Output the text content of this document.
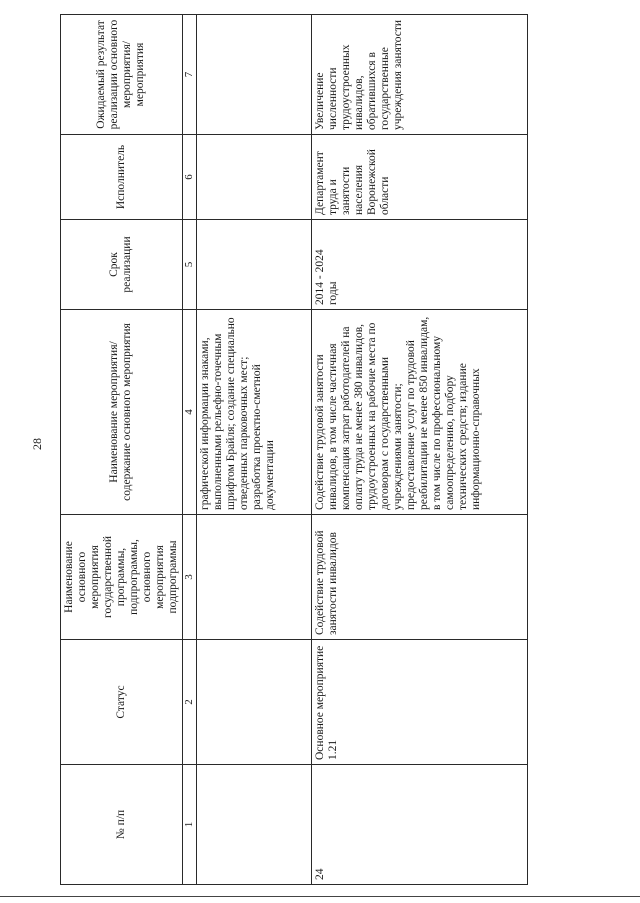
28
№ п/п	Статус	Наименование основного мероприятия государственной программы, подпрограммы, основного мероприятия подпрограммы	Наименование мероприятия/содержание основного мероприятия	Срок реализации	Исполнитель	Ожидаемый результат реализации основного мероприятия/мероприятия
1	2	3	4	5	6	7
			графической информации знаками, выполненными рельефно-точечным шрифтом Брайля; создание специально отведенных парковочных мест; разработка проектно-сметной документации			
24	Основное мероприятие 1.21	Содействие трудовой занятости инвалидов	Содействие трудовой занятости инвалидов, в том числе частичная компенсация затрат работодателей на оплату труда не менее 380 инвалидов, трудоустроенных на рабочие места по договорам с государственными учреждениями занятости; предоставление услуг по трудовой реабилитации не менее 850 инвалидам, в том числе по профессиональному самоопределению, подбору технических средств; издание информационно-справочных	2014 - 2024 годы	Департамент труда и занятости населения Воронежской области	Увеличение численности трудоустроенных инвалидов, обратившихся в государственные учреждения занятости
